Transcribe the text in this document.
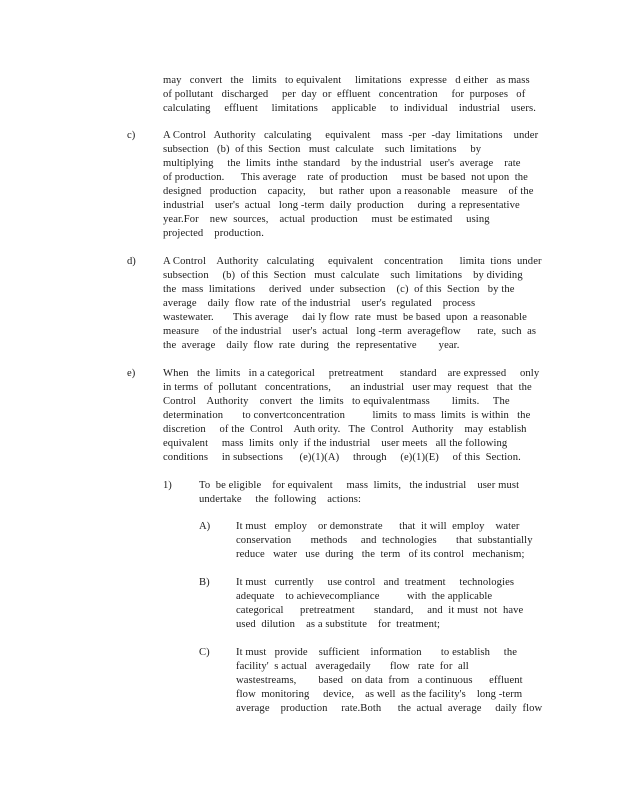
may   convert   the   limits   to equivalent     limitations   expresse   d either   as mass
of pollutant   discharged     per  day  or  effluent   concentration     for  purposes   of
calculating     effluent     limitations     applicable     to  individual    industrial    users.
c)	A Control   Authority   calculating     equivalent    mass  -per  -day  limitations    under
subsection   (b)  of this  Section   must  calculate    such  limitations     by
multiplying     the  limits  inthe  standard    by the industrial   user's  average    rate
of production.      This average    rate  of production     must  be based  not upon  the
designed   production    capacity,     but  rather  upon  a reasonable    measure    of the
industrial    user's  actual   long -term  daily  production     during  a representative
year.For    new  sources,    actual  production     must  be estimated     using
projected    production.
d)	A Control    Authority   calculating     equivalent    concentration      limita  tions  under
subsection     (b)  of this  Section   must  calculate    such  limitations    by dividing
the  mass  limitations     derived   under  subsection    (c)  of this  Section   by the
average    daily  flow  rate  of the industrial    user's  regulated    process
wastewater.       This average     dai ly flow  rate  must  be based  upon  a reasonable
measure     of the industrial    user's  actual   long -term  averageflow      rate,  such  as
the  average    daily  flow  rate  during   the  representative        year.
e)	When   the  limits   in a categorical     pretreatment      standard    are expressed     only
in terms  of  pollutant   concentrations,       an industrial   user may  request   that  the
Control    Authority    convert   the  limits   to equivalentmass        limits.     The
determination       to convertconcentration          limits  to mass  limits  is within   the
discretion     of the  Control    Auth ority.   The  Control   Authority    may  establish
equivalent     mass  limits  only  if the industrial    user meets   all the following
conditions     in subsections      (e)(1)(A)     through     (e)(1)(E)     of this  Section.
1)	To  be eligible    for equivalent     mass  limits,   the industrial    user must
undertake     the  following    actions:
A) It must   employ    or demonstrate      that  it will  employ    water
conservation       methods     and  technologies       that  substantially
reduce   water   use  during   the  term   of its control   mechanism;
B) It must   currently     use control   and  treatment     technologies
adequate    to achievecompliance          with  the applicable
categorical      pretreatment       standard,     and  it must  not  have
used  dilution    as a substitute    for  treatment;
C) It must   provide    sufficient    information       to establish     the
facility'  s actual   averagedaily       flow   rate  for  all
wastestreams,        based   on data  from   a continuous      effluent
flow  monitoring     device,    as well  as the facility's    long -term
average    production     rate.Both      the  actual  average     daily  flow
